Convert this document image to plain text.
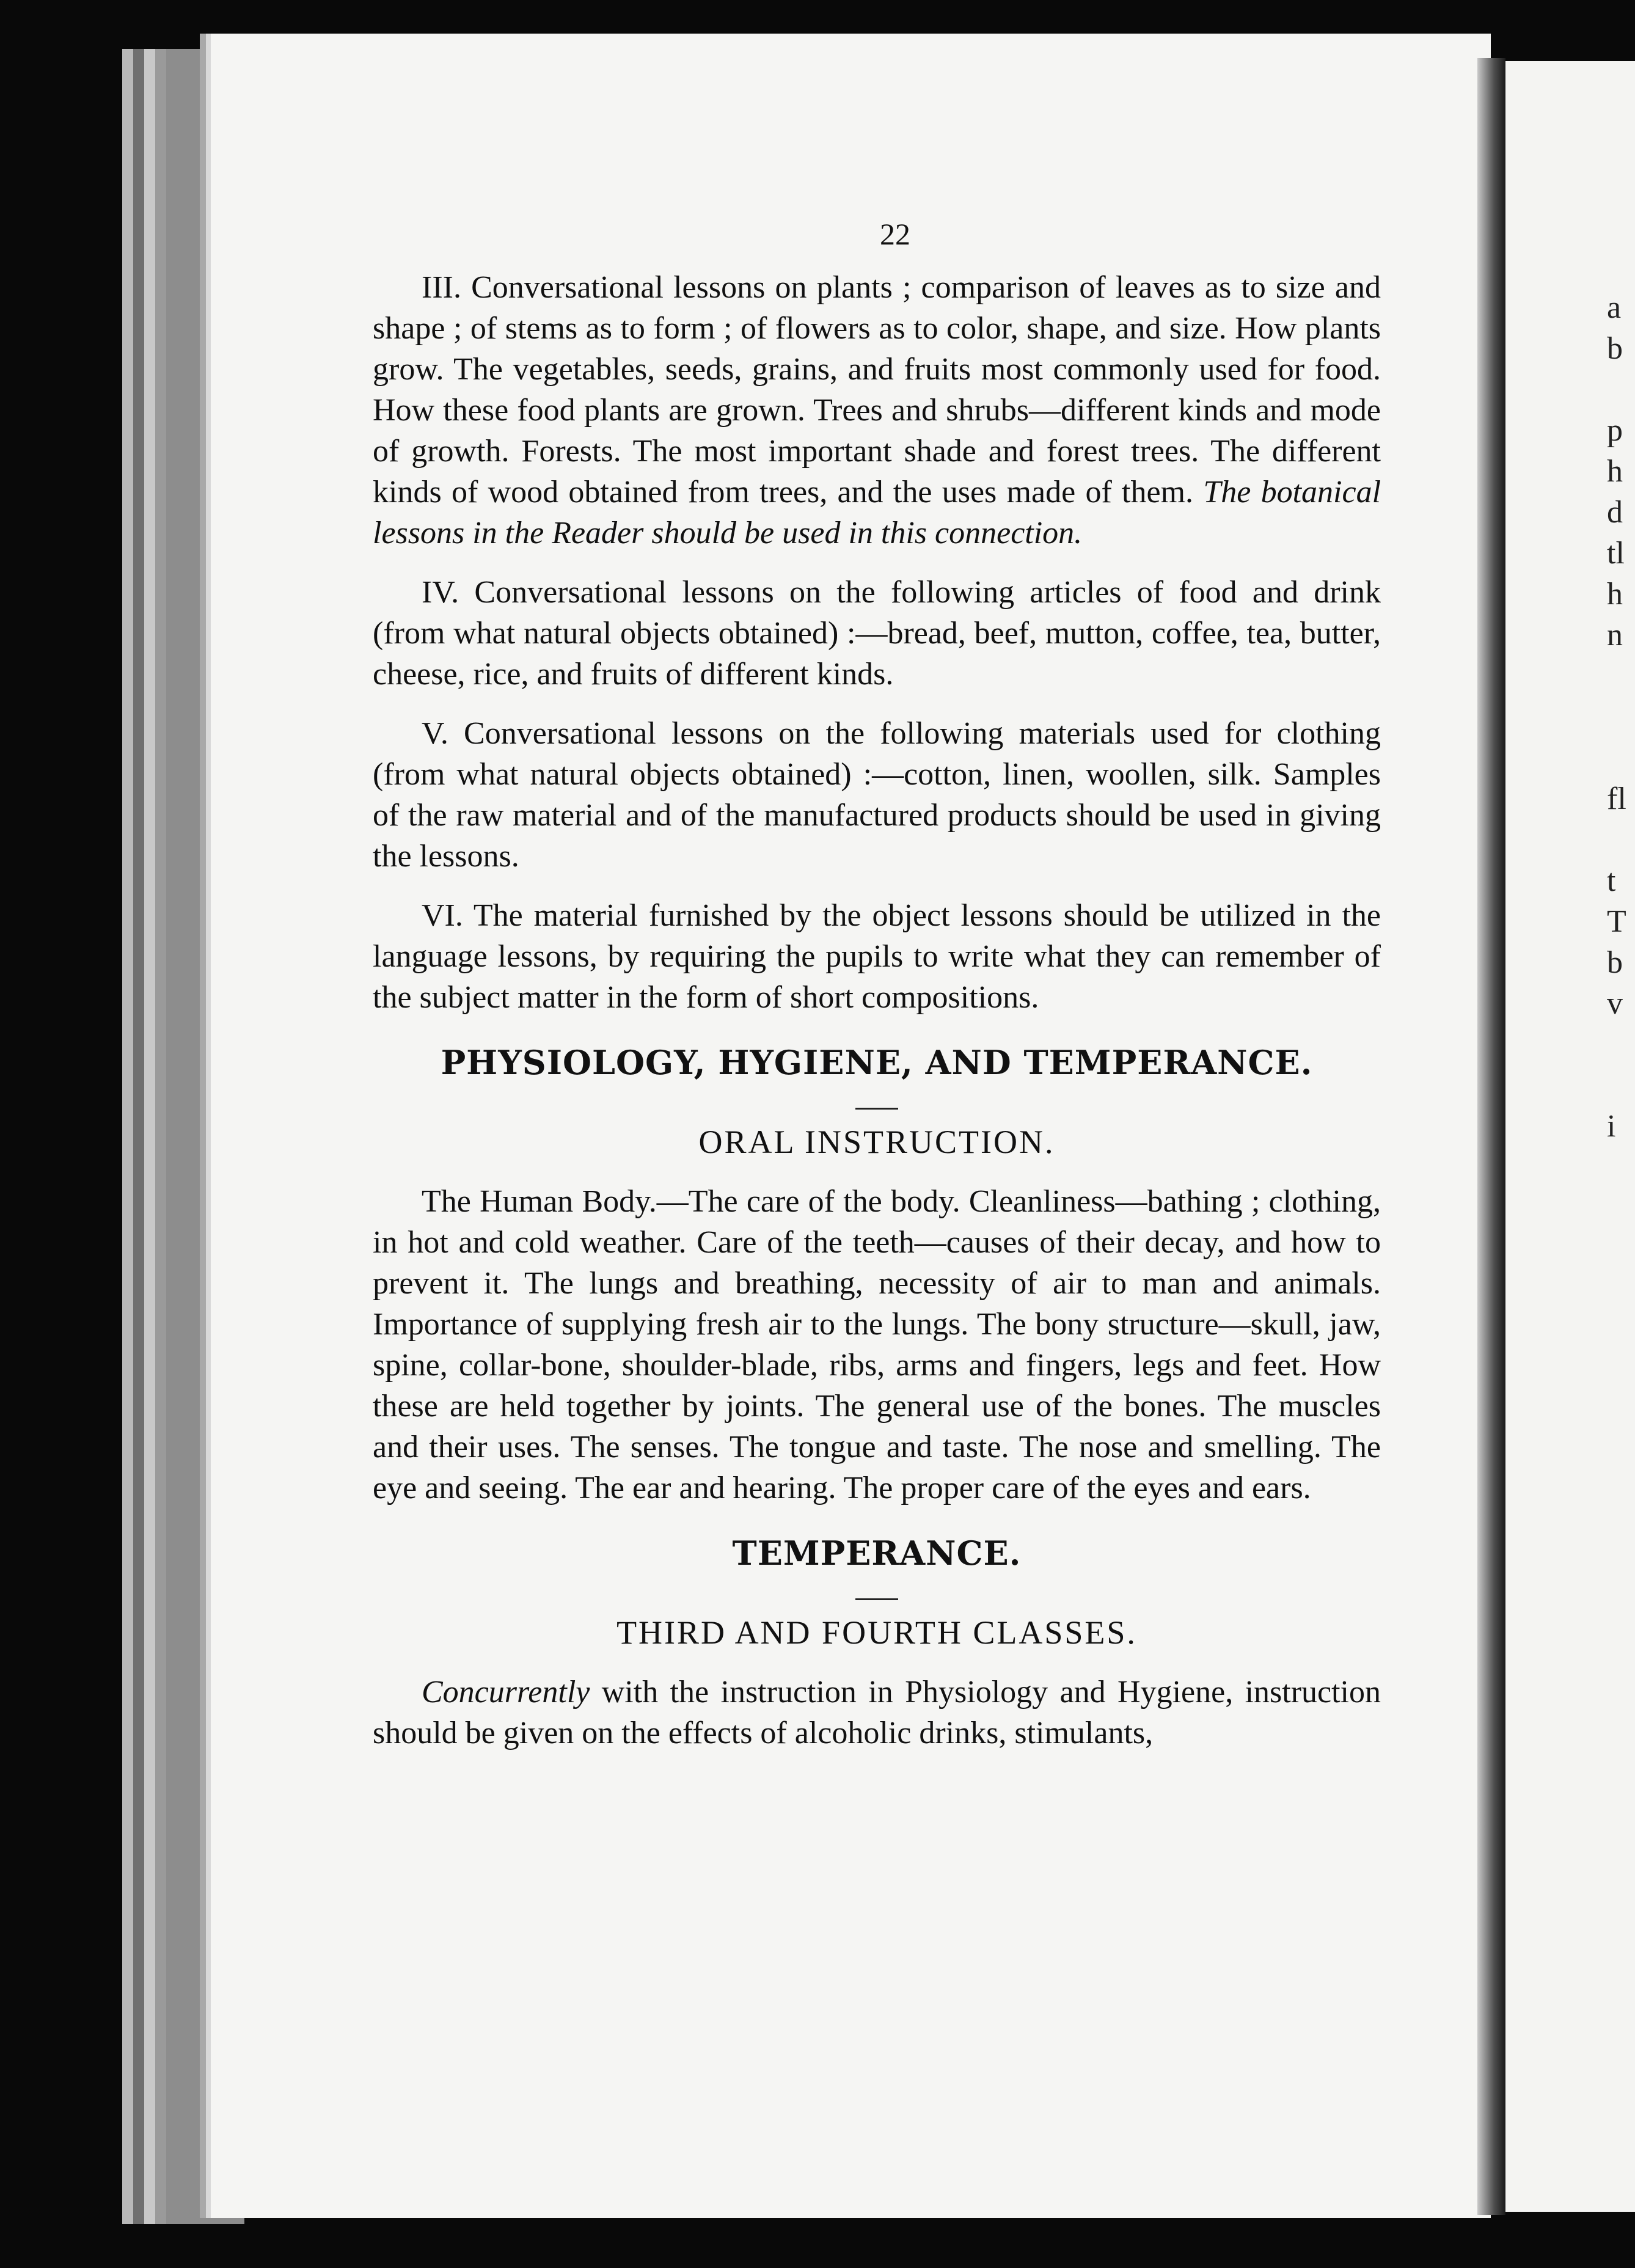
a
b
p
h
d
tl
h
n
fl
t
T
b
v
i
22

III. Conversational lessons on plants ; comparison of leaves as to size and shape ; of stems as to form ; of flowers as to color, shape, and size. How plants grow. The vegetables, seeds, grains, and fruits most commonly used for food. How these food plants are grown. Trees and shrubs—different kinds and mode of growth. Forests. The most important shade and forest trees. The different kinds of wood obtained from trees, and the uses made of them. The botanical lessons in the Reader should be used in this connection.

IV. Conversational lessons on the following articles of food and drink (from what natural objects obtained) :—bread, beef, mutton, coffee, tea, butter, cheese, rice, and fruits of different kinds.

V. Conversational lessons on the following materials used for clothing (from what natural objects obtained) :—cotton, linen, woollen, silk. Samples of the raw material and of the manufactured products should be used in giving the lessons.

VI. The material furnished by the object lessons should be utilized in the language lessons, by requiring the pupils to write what they can remember of the subject matter in the form of short compositions.

PHYSIOLOGY, HYGIENE, AND TEMPERANCE.
ORAL INSTRUCTION.

The Human Body.—The care of the body. Cleanliness—bathing ; clothing, in hot and cold weather. Care of the teeth—causes of their decay, and how to prevent it. The lungs and breathing, necessity of air to man and animals. Importance of supplying fresh air to the lungs. The bony structure—skull, jaw, spine, collar-bone, shoulder-blade, ribs, arms and fingers, legs and feet. How these are held together by joints. The general use of the bones. The muscles and their uses. The senses. The tongue and taste. The nose and smelling. The eye and seeing. The ear and hearing. The proper care of the eyes and ears.

TEMPERANCE.
THIRD AND FOURTH CLASSES.

Concurrently with the instruction in Physiology and Hygiene, instruction should be given on the effects of alcoholic drinks, stimulants,
